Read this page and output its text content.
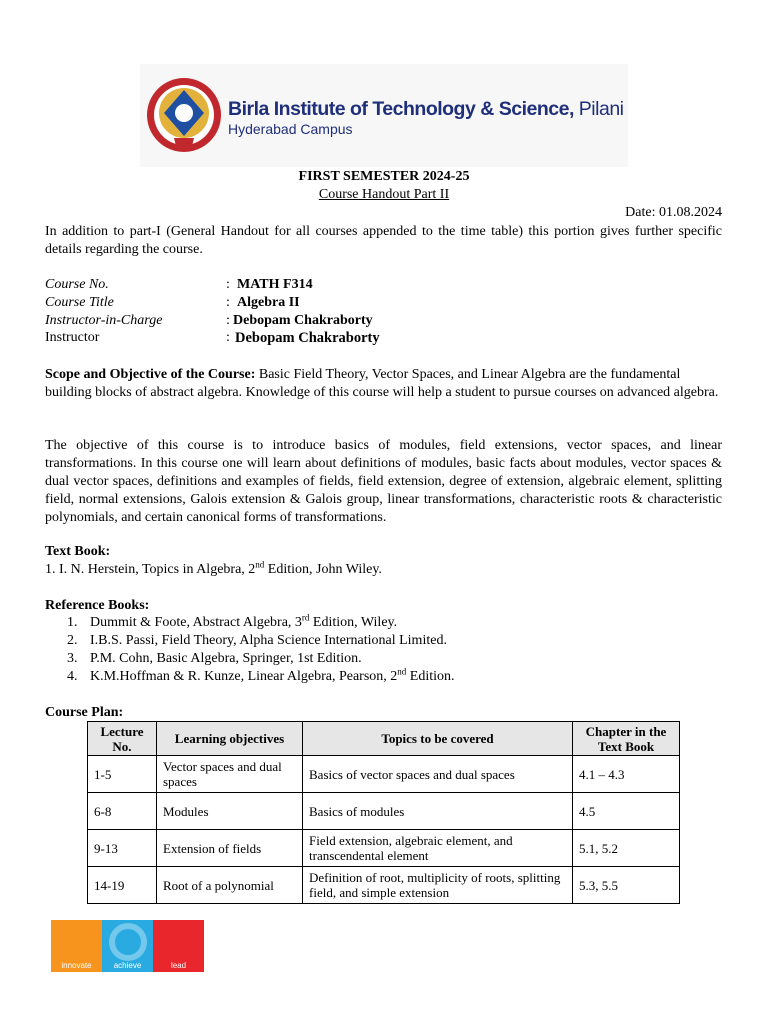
Birla Institute of Technology & Science, Pilani
Hyderabad Campus
FIRST SEMESTER 2024-25
Course Handout Part II
Date: 01.08.2024
In addition to part-I (General Handout for all courses appended to the time table) this portion gives further specific details regarding the course.
Course No.	: MATH F314
Course Title	: Algebra II
Instructor-in-Charge	: Debopam Chakraborty
Instructor	: Debopam Chakraborty
Scope and Objective of the Course: Basic Field Theory, Vector Spaces, and Linear Algebra are the fundamental building blocks of abstract algebra. Knowledge of this course will help a student to pursue courses on advanced algebra.
The objective of this course is to introduce basics of modules, field extensions, vector spaces, and linear transformations. In this course one will learn about definitions of modules, basic facts about modules, vector spaces & dual vector spaces, definitions and examples of fields, field extension, degree of extension, algebraic element, splitting field, normal extensions, Galois extension & Galois group, linear transformations, characteristic roots & characteristic polynomials, and certain canonical forms of transformations.
Text Book:
1. I. N. Herstein, Topics in Algebra, 2nd Edition, John Wiley.
Reference Books:
1. Dummit & Foote, Abstract Algebra, 3rd Edition, Wiley.
2. I.B.S. Passi, Field Theory, Alpha Science International Limited.
3. P.M. Cohn, Basic Algebra, Springer, 1st Edition.
4. K.M.Hoffman & R. Kunze, Linear Algebra, Pearson, 2nd Edition.
Course Plan:
Lecture No.	Learning objectives	Topics to be covered	Chapter in the Text Book
1-5	Vector spaces and dual spaces	Basics of vector spaces and dual spaces	4.1 – 4.3
6-8	Modules	Basics of modules	4.5
9-13	Extension of fields	Field extension, algebraic element, and transcendental element	5.1, 5.2
14-19	Root of a polynomial	Definition of root, multiplicity of roots, splitting field, and simple extension	5.3, 5.5
innovate	achieve	lead
